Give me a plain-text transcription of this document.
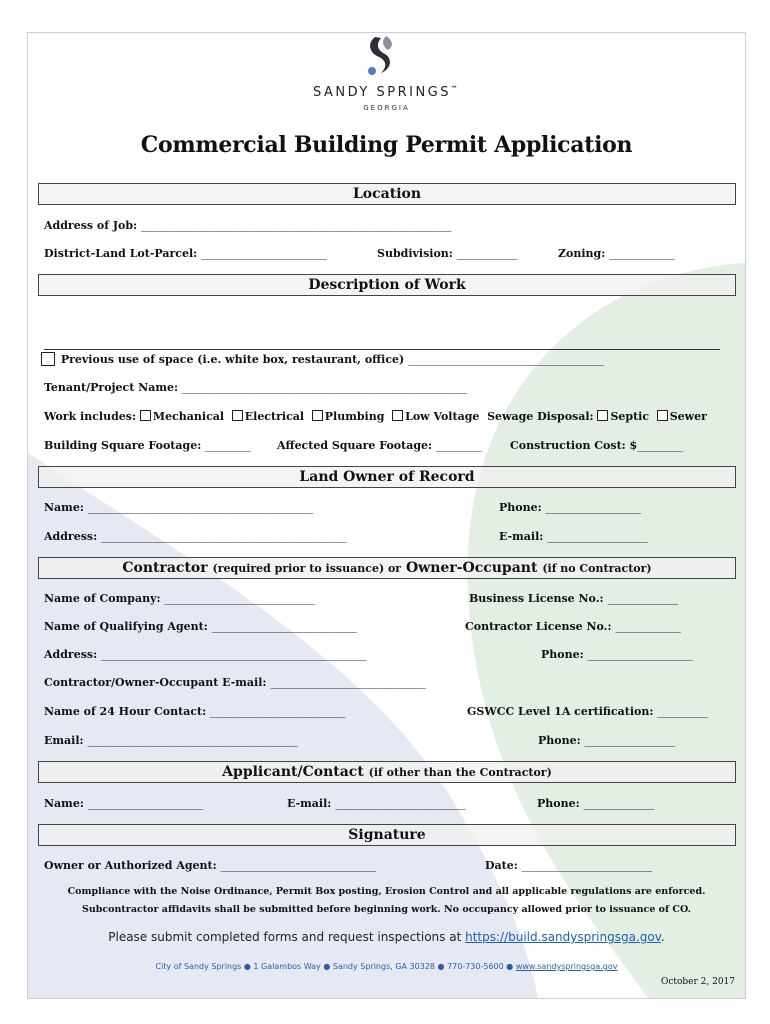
SANDY SPRINGS˜
GEORGIA
Commercial Building Permit Application
Location
Address of Job: ______________________________________________________________
District-Land Lot-Parcel: _________________________	Subdivision: ____________	Zoning: _____________
Description of Work
Previous use of space (i.e. white box, restaurant, office) _______________________________________
Tenant/Project Name: _________________________________________________________
Work includes: Mechanical Electrical Plumbing Low Voltage Sewage Disposal: Septic Sewer
Building Square Footage: _________ Affected Square Footage: _________	Construction Cost: $_________
Land Owner of Record
Name: _____________________________________________	Phone: ___________________
Address: _________________________________________________	E-mail: ____________________
Contractor (required prior to issuance) or Owner-Occupant (if no Contractor)
Name of Company: ______________________________	Business License No.: ______________
Name of Qualifying Agent: _____________________________	Contractor License No.: _____________
Address: _____________________________________________________	Phone: _____________________
Contractor/Owner-Occupant E-mail: _______________________________
Name of 24 Hour Contact: ___________________________	GSWCC Level 1A certification: __________
Email: __________________________________________	Phone: __________________
Applicant/Contact (if other than the Contractor)
Name: _______________________	E-mail: __________________________	Phone: ______________
Signature
Owner or Authorized Agent: _______________________________	Date: __________________________
Compliance with the Noise Ordinance, Permit Box posting, Erosion Control and all applicable regulations are enforced.
Subcontractor affidavits shall be submitted before beginning work. No occupancy allowed prior to issuance of CO.
Please submit completed forms and request inspections at https://build.sandyspringsga.gov.
City of Sandy Springs ● 1 Galambos Way ● Sandy Springs, GA 30328 ● 770-730-5600 ● www.sandyspringsga.gov
October 2, 2017
